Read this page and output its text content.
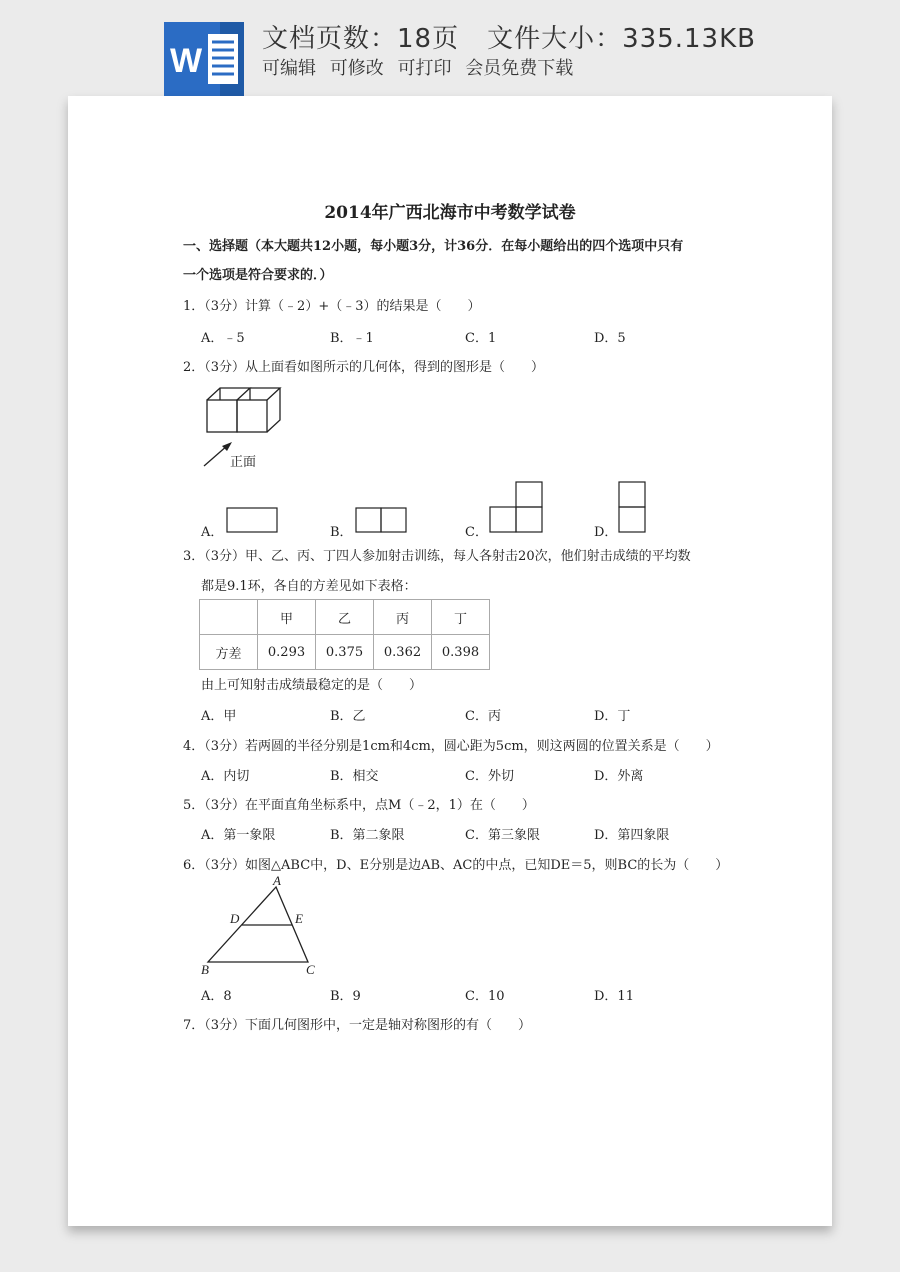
W
文档页数：18页 文件大小：335.13KB
可编辑 可修改 可打印 会员免费下载
2014年广西北海市中考数学试卷
一、选择题（本大题共12小题，每小题3分，计36分．在每小题给出的四个选项中只有
一个选项是符合要求的．）
1．（3分）计算（﹣2）+（﹣3）的结果是（　　）
A．﹣5	B．﹣1	C．1	D．5
2．（3分）从上面看如图所示的几何体，得到的图形是（　　）
正面
A．	B．	C．	D．
3．（3分）甲、乙、丙、丁四人参加射击训练，每人各射击20次，他们射击成绩的平均数
都是9.1环，各自的方差见如下表格：
	甲	乙	丙	丁
方差	0.293	0.375	0.362	0.398
由上可知射击成绩最稳定的是（　　）
A．甲	B．乙	C．丙	D．丁
4．（3分）若两圆的半径分别是1cm和4cm，圆心距为5cm，则这两圆的位置关系是（　　）
A．内切	B．相交	C．外切	D．外离
5．（3分）在平面直角坐标系中，点M（﹣2，1）在（　　）
A．第一象限	B．第二象限	C．第三象限	D．第四象限
6．（3分）如图△ABC中，D、E分别是边AB、AC的中点，已知DE＝5，则BC的长为（　　）
A
D	E
B	C
A．8	B．9	C．10	D．11
7．（3分）下面几何图形中，一定是轴对称图形的有（　　）
